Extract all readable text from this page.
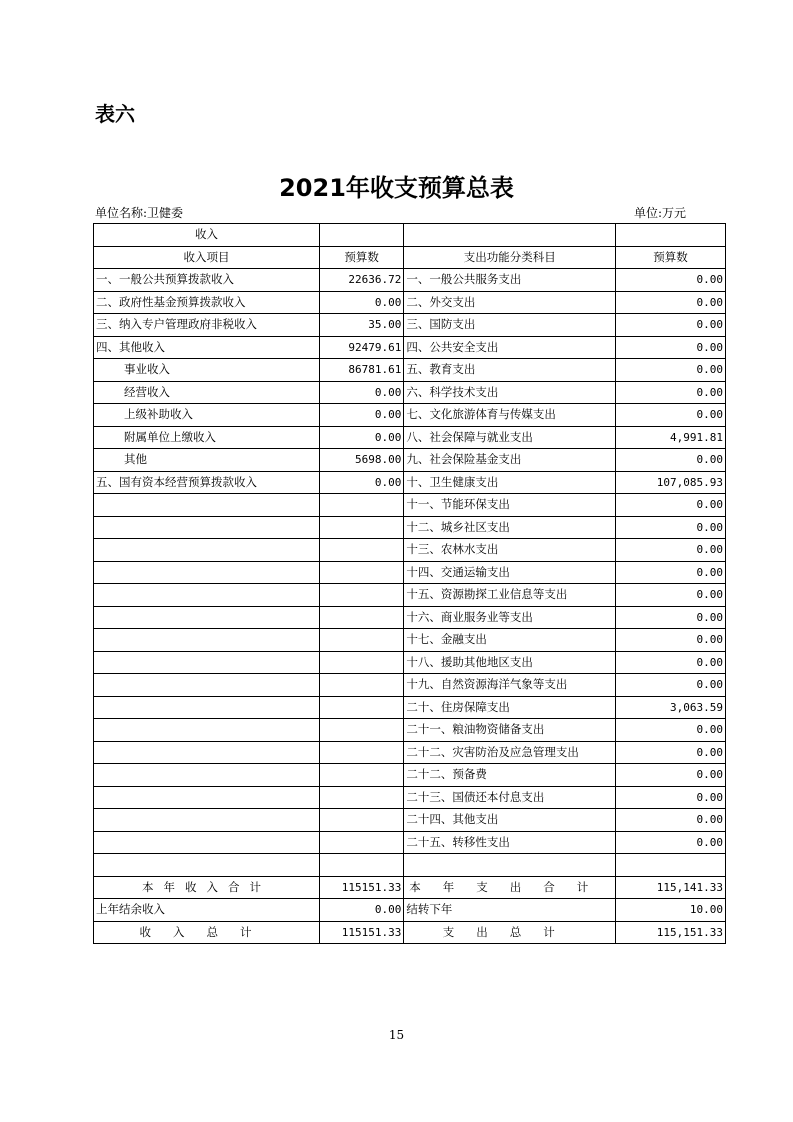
表六
2021年收支预算总表
单位名称:卫健委	单位:万元
收入			
收入项目	预算数	支出功能分类科目	预算数
一、一般公共预算拨款收入	22636.72	一、一般公共服务支出	0.00
二、政府性基金预算拨款收入	0.00	二、外交支出	0.00
三、纳入专户管理政府非税收入	35.00	三、国防支出	0.00
四、其他收入	92479.61	四、公共安全支出	0.00
事业收入	86781.61	五、教育支出	0.00
经营收入	0.00	六、科学技术支出	0.00
上级补助收入	0.00	七、文化旅游体育与传媒支出	0.00
附属单位上缴收入	0.00	八、社会保障与就业支出	4,991.81
其他	5698.00	九、社会保险基金支出	0.00
五、国有资本经营预算拨款收入	0.00	十、卫生健康支出	107,085.93
		十一、节能环保支出	0.00
		十二、城乡社区支出	0.00
		十三、农林水支出	0.00
		十四、交通运输支出	0.00
		十五、资源勘探工业信息等支出	0.00
		十六、商业服务业等支出	0.00
		十七、金融支出	0.00
		十八、援助其他地区支出	0.00
		十九、自然资源海洋气象等支出	0.00
		二十、住房保障支出	3,063.59
		二十一、粮油物资储备支出	0.00
		二十二、灾害防治及应急管理支出	0.00
		二十二、预备费	0.00
		二十三、国债还本付息支出	0.00
		二十四、其他支出	0.00
		二十五、转移性支出	0.00

本年收入合计	115151.33	本年支出合计	115,141.33
上年结余收入	0.00	结转下年	10.00
收入总计	115151.33	支出总计	115,151.33
15
